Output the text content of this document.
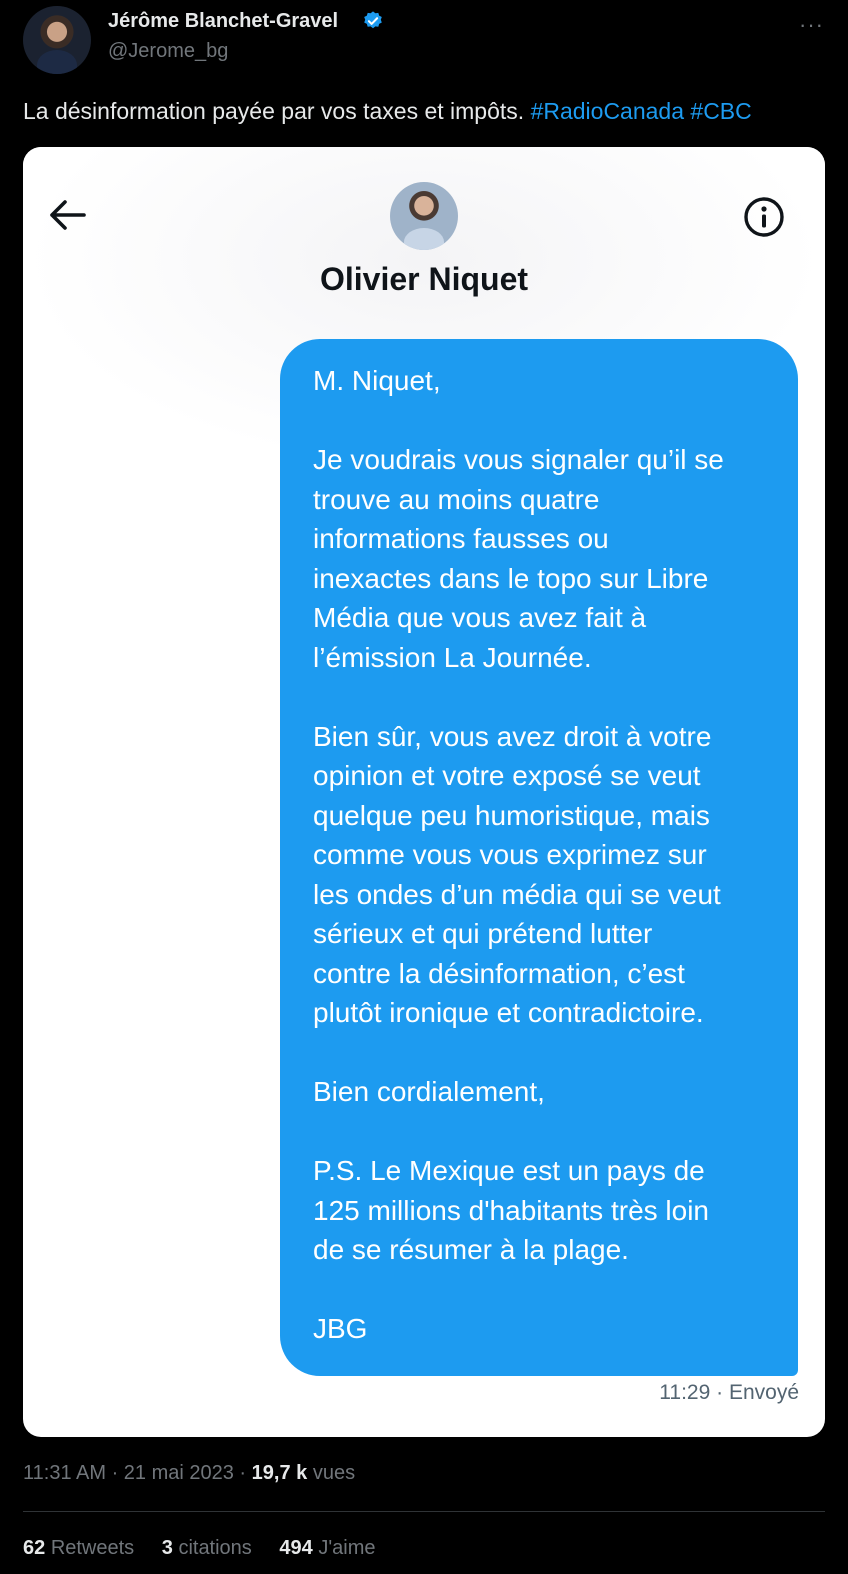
Jérôme Blanchet-Gravel
@Jerome_bg
···
La désinformation payée par vos taxes et impôts. #RadioCanada #CBC
Olivier Niquet
M. Niquet,
Je voudrais vous signaler qu’il se
trouve au moins quatre
informations fausses ou
inexactes dans le topo sur Libre
Média que vous avez fait à
l’émission La Journée.
Bien sûr, vous avez droit à votre
opinion et votre exposé se veut
quelque peu humoristique, mais
comme vous vous exprimez sur
les ondes d’un média qui se veut
sérieux et qui prétend lutter
contre la désinformation, c’est
plutôt ironique et contradictoire.
Bien cordialement,
P.S. Le Mexique est un pays de
125 millions d'habitants très loin
de se résumer à la plage.
JBG
11:29 · Envoyé
11:31 AM · 21 mai 2023 · 19,7 k vues
62 Retweets 3 citations 494 J'aime
